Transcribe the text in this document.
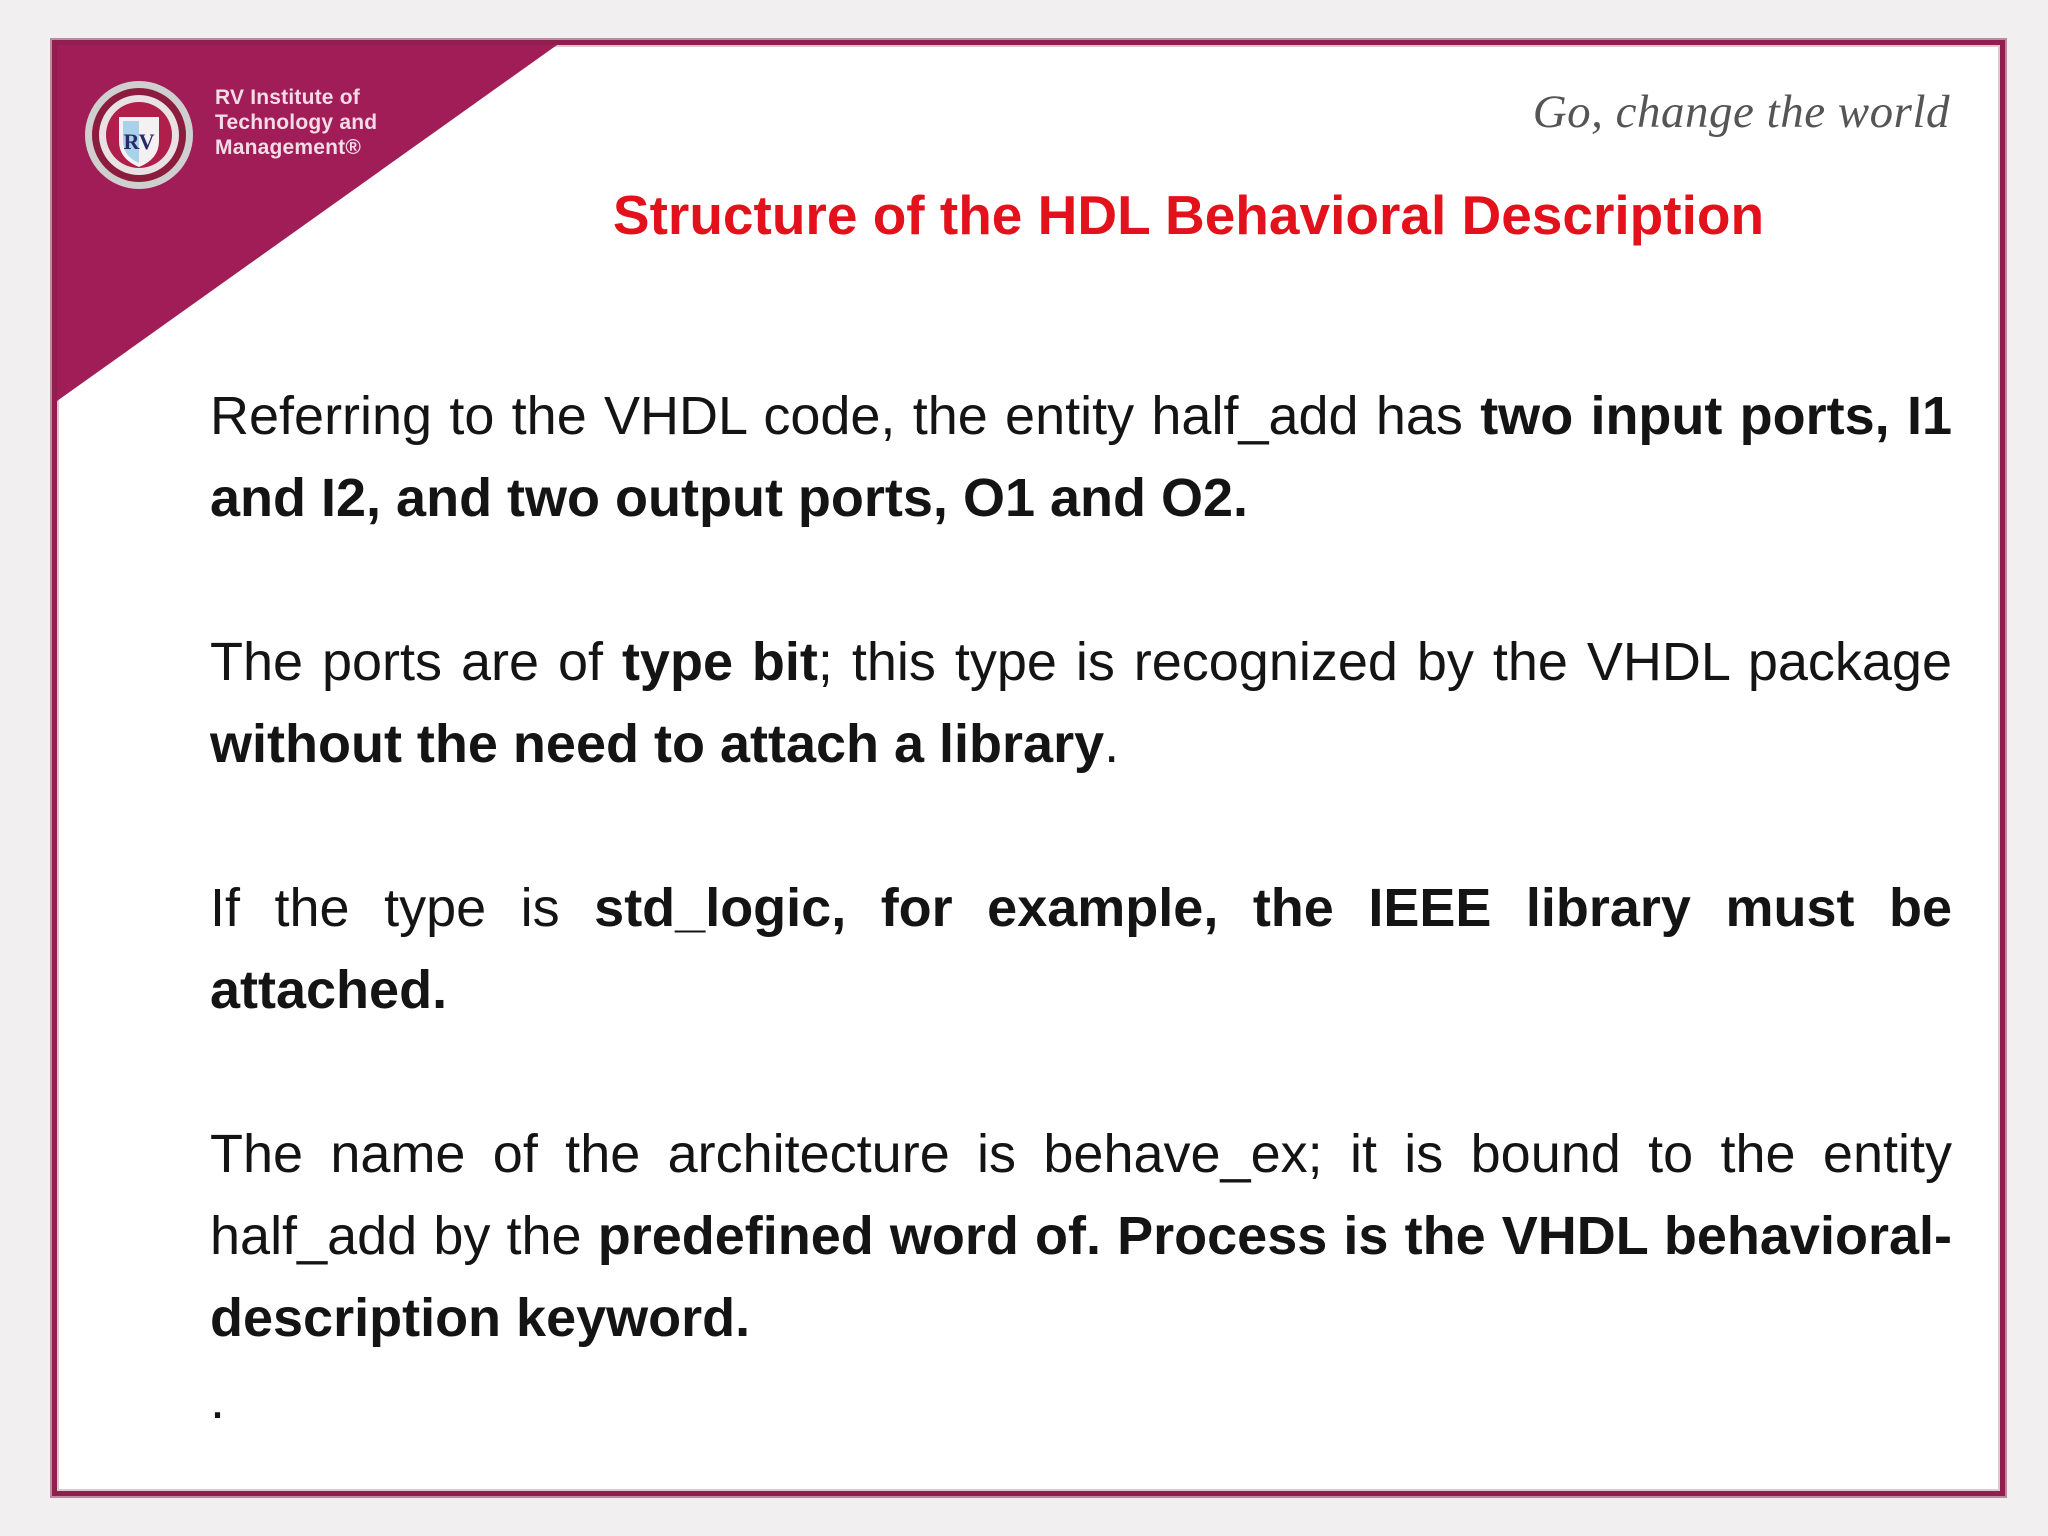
RV
RV Institute of
Technology and
Management®
Go, change the world
Structure of the HDL Behavioral Description

Referring to the VHDL code, the entity half_add has two input ports, I1 and I2, and two output ports, O1 and O2.

The ports are of type bit; this type is recognized by the VHDL package without the need to attach a library.

If the type is std_logic, for example, the IEEE library must be attached.

The name of the architecture is behave_ex; it is bound to the entity half_add by the predefined word of. Process is the VHDL behavioral- description keyword.

.
